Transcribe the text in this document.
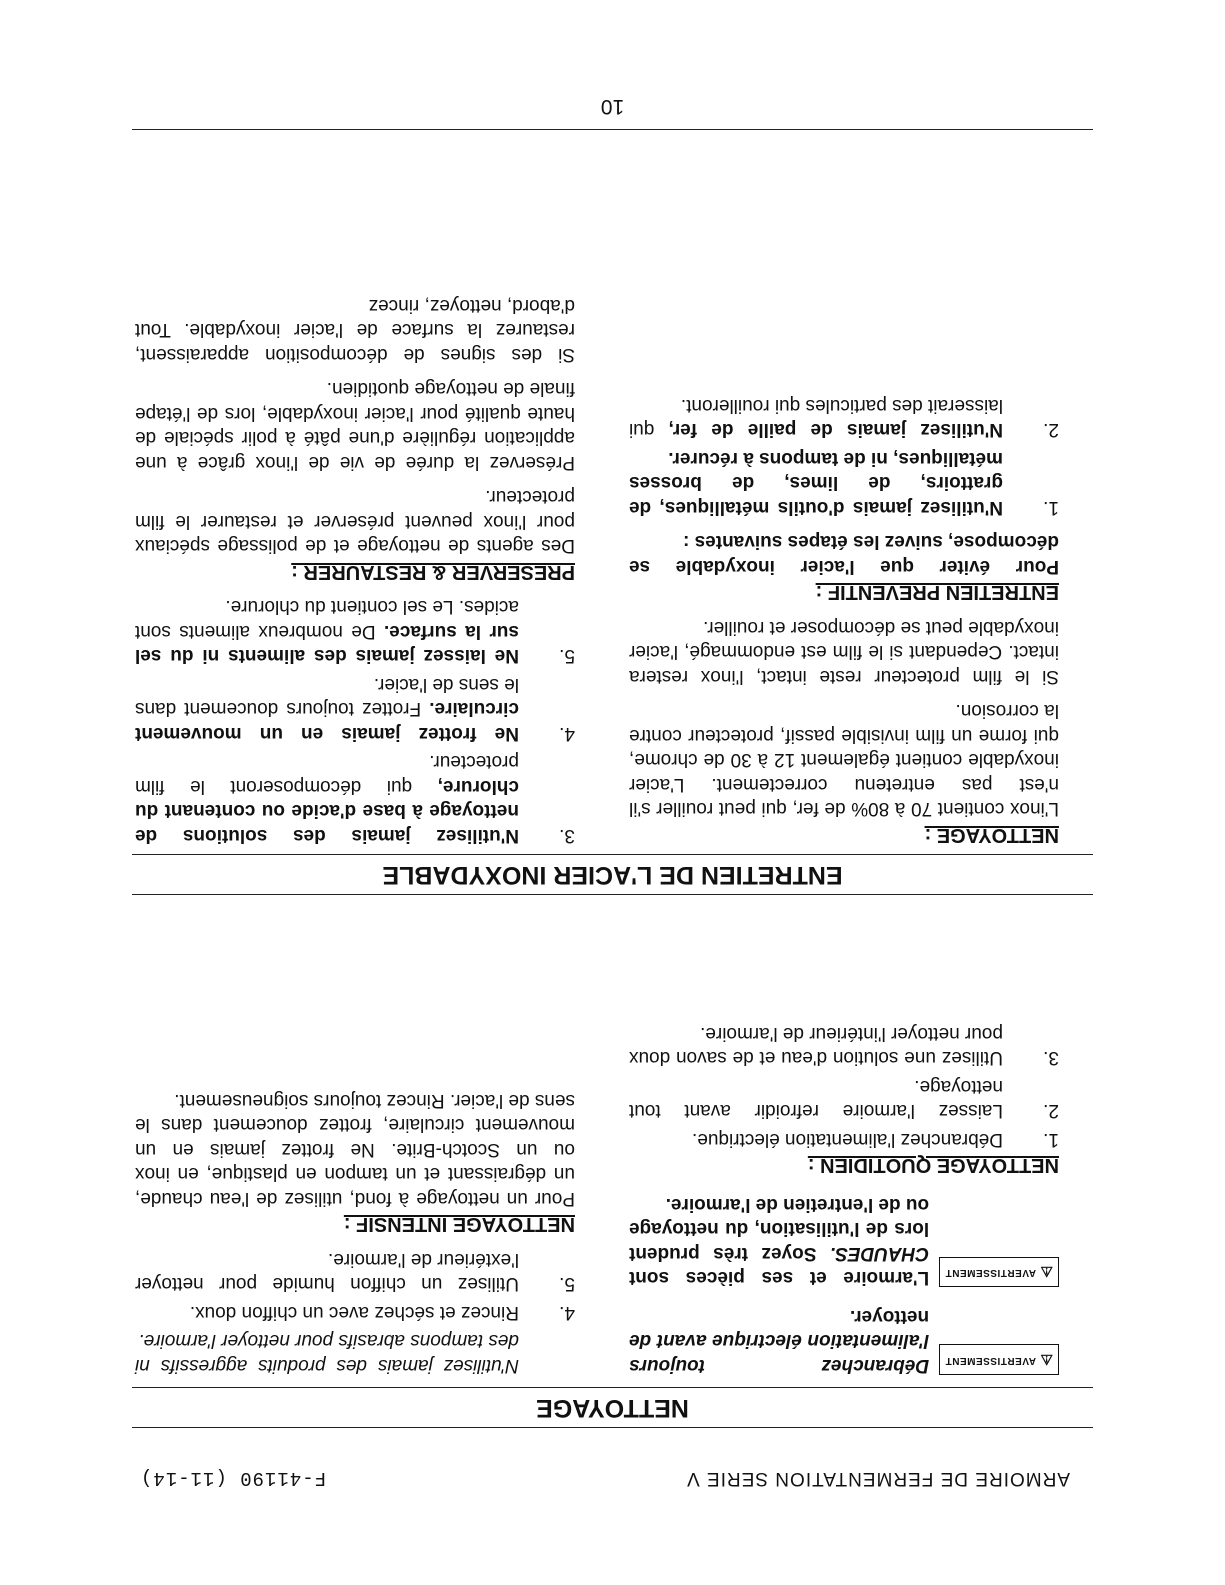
ARMOIRE DE FERMENTATION SERIE V
F-41190 (11-14)
NETTOYAGE
⚠
AVERTISSEMENT
Débranchez toujours l'alimentation électrique avant de nettoyer.
⚠
AVERTISSEMENT
L'armoire et ses pièces sont CHAUDES. Soyez très prudent lors de l'utilisation, du nettoyage ou de l'entretien de l'armoire.
NETTOYAGE QUOTIDIEN :
1.
Débranchez l'alimentation électrique.
2.
Laissez l'armoire refroidir avant tout nettoyage.
3.
Utilisez une solution d'eau et de savon doux pour nettoyer l'intérieur de l'armoire.
N'utilisez jamais des produits aggressifs ni des tampons abrasifs pour nettoyer l'armoire.
4.
Rincez et séchez avec un chiffon doux.
5.
Utilisez un chiffon humide pour nettoyer l'extérieur de l'armoire.
NETTOYAGE INTENSIF :

Pour un nettoyage à fond, utilisez de l'eau chaude, un dégraissant et un tampon en plastique, en inox ou un Scotch-Brite. Ne frottez jamais en un mouvement circulaire, frottez doucement dans le sens de l'acier. Rincez toujours soigneusement.

ENTRETIEN DE L'ACIER INOXYDABLE
NETTOYAGE :

L'inox contient 70 à 80% de fer, qui peut rouiller s'il n'est pas entretenu correctement. L'acier inoxydable contient également 12 à 30 de chrome, qui forme un film invisible passif, protecteur contre la corrosion.

Si le film protecteur reste intact, l'inox restera intact. Cependant si le film est endommagé, l'acier inoxydable peut se décomposer et rouiller.

ENTRETIEN PREVENTIF :

Pour éviter que l'acier inoxydable se décompose, suivez les étapes suivantes :

1.
N'utilisez jamais d'outils métalliques, de grattoirs, de limes, de brosses métalliques, ni de tampons à récurer.
2.
N'utilisez jamais de paille de fer, qui laisserait des particules qui rouilleront.
3.
N'utilisez jamais des solutions de nettoyage à base d'acide ou contenant du chlorure, qui décomposeront le film protecteur.
4.
Ne frottez jamais en un mouvement circulaire. Frottez toujours doucement dans le sens de l'acier.
5.
Ne laissez jamais des aliments ni du sel sur la surface. De nombreux aliments sont acides. Le sel contient du chlorure.
PRESERVER & RESTAURER :

Des agents de nettoyage et de polissage spéciaux pour l'inox peuvent préserver et restaurer le film protecteur.

Préservez la durée de vie de l'inox grâce à une application régulière d'une pâté à polir spéciale de haute qualité pour l'acier inoxydable, lors de l'étape finale de nettoyage quotidien.

Si des signes de décomposition apparaissent, restaurez la surface de l'acier inoxydable. Tout d'abord, nettoyez, rincez

10
